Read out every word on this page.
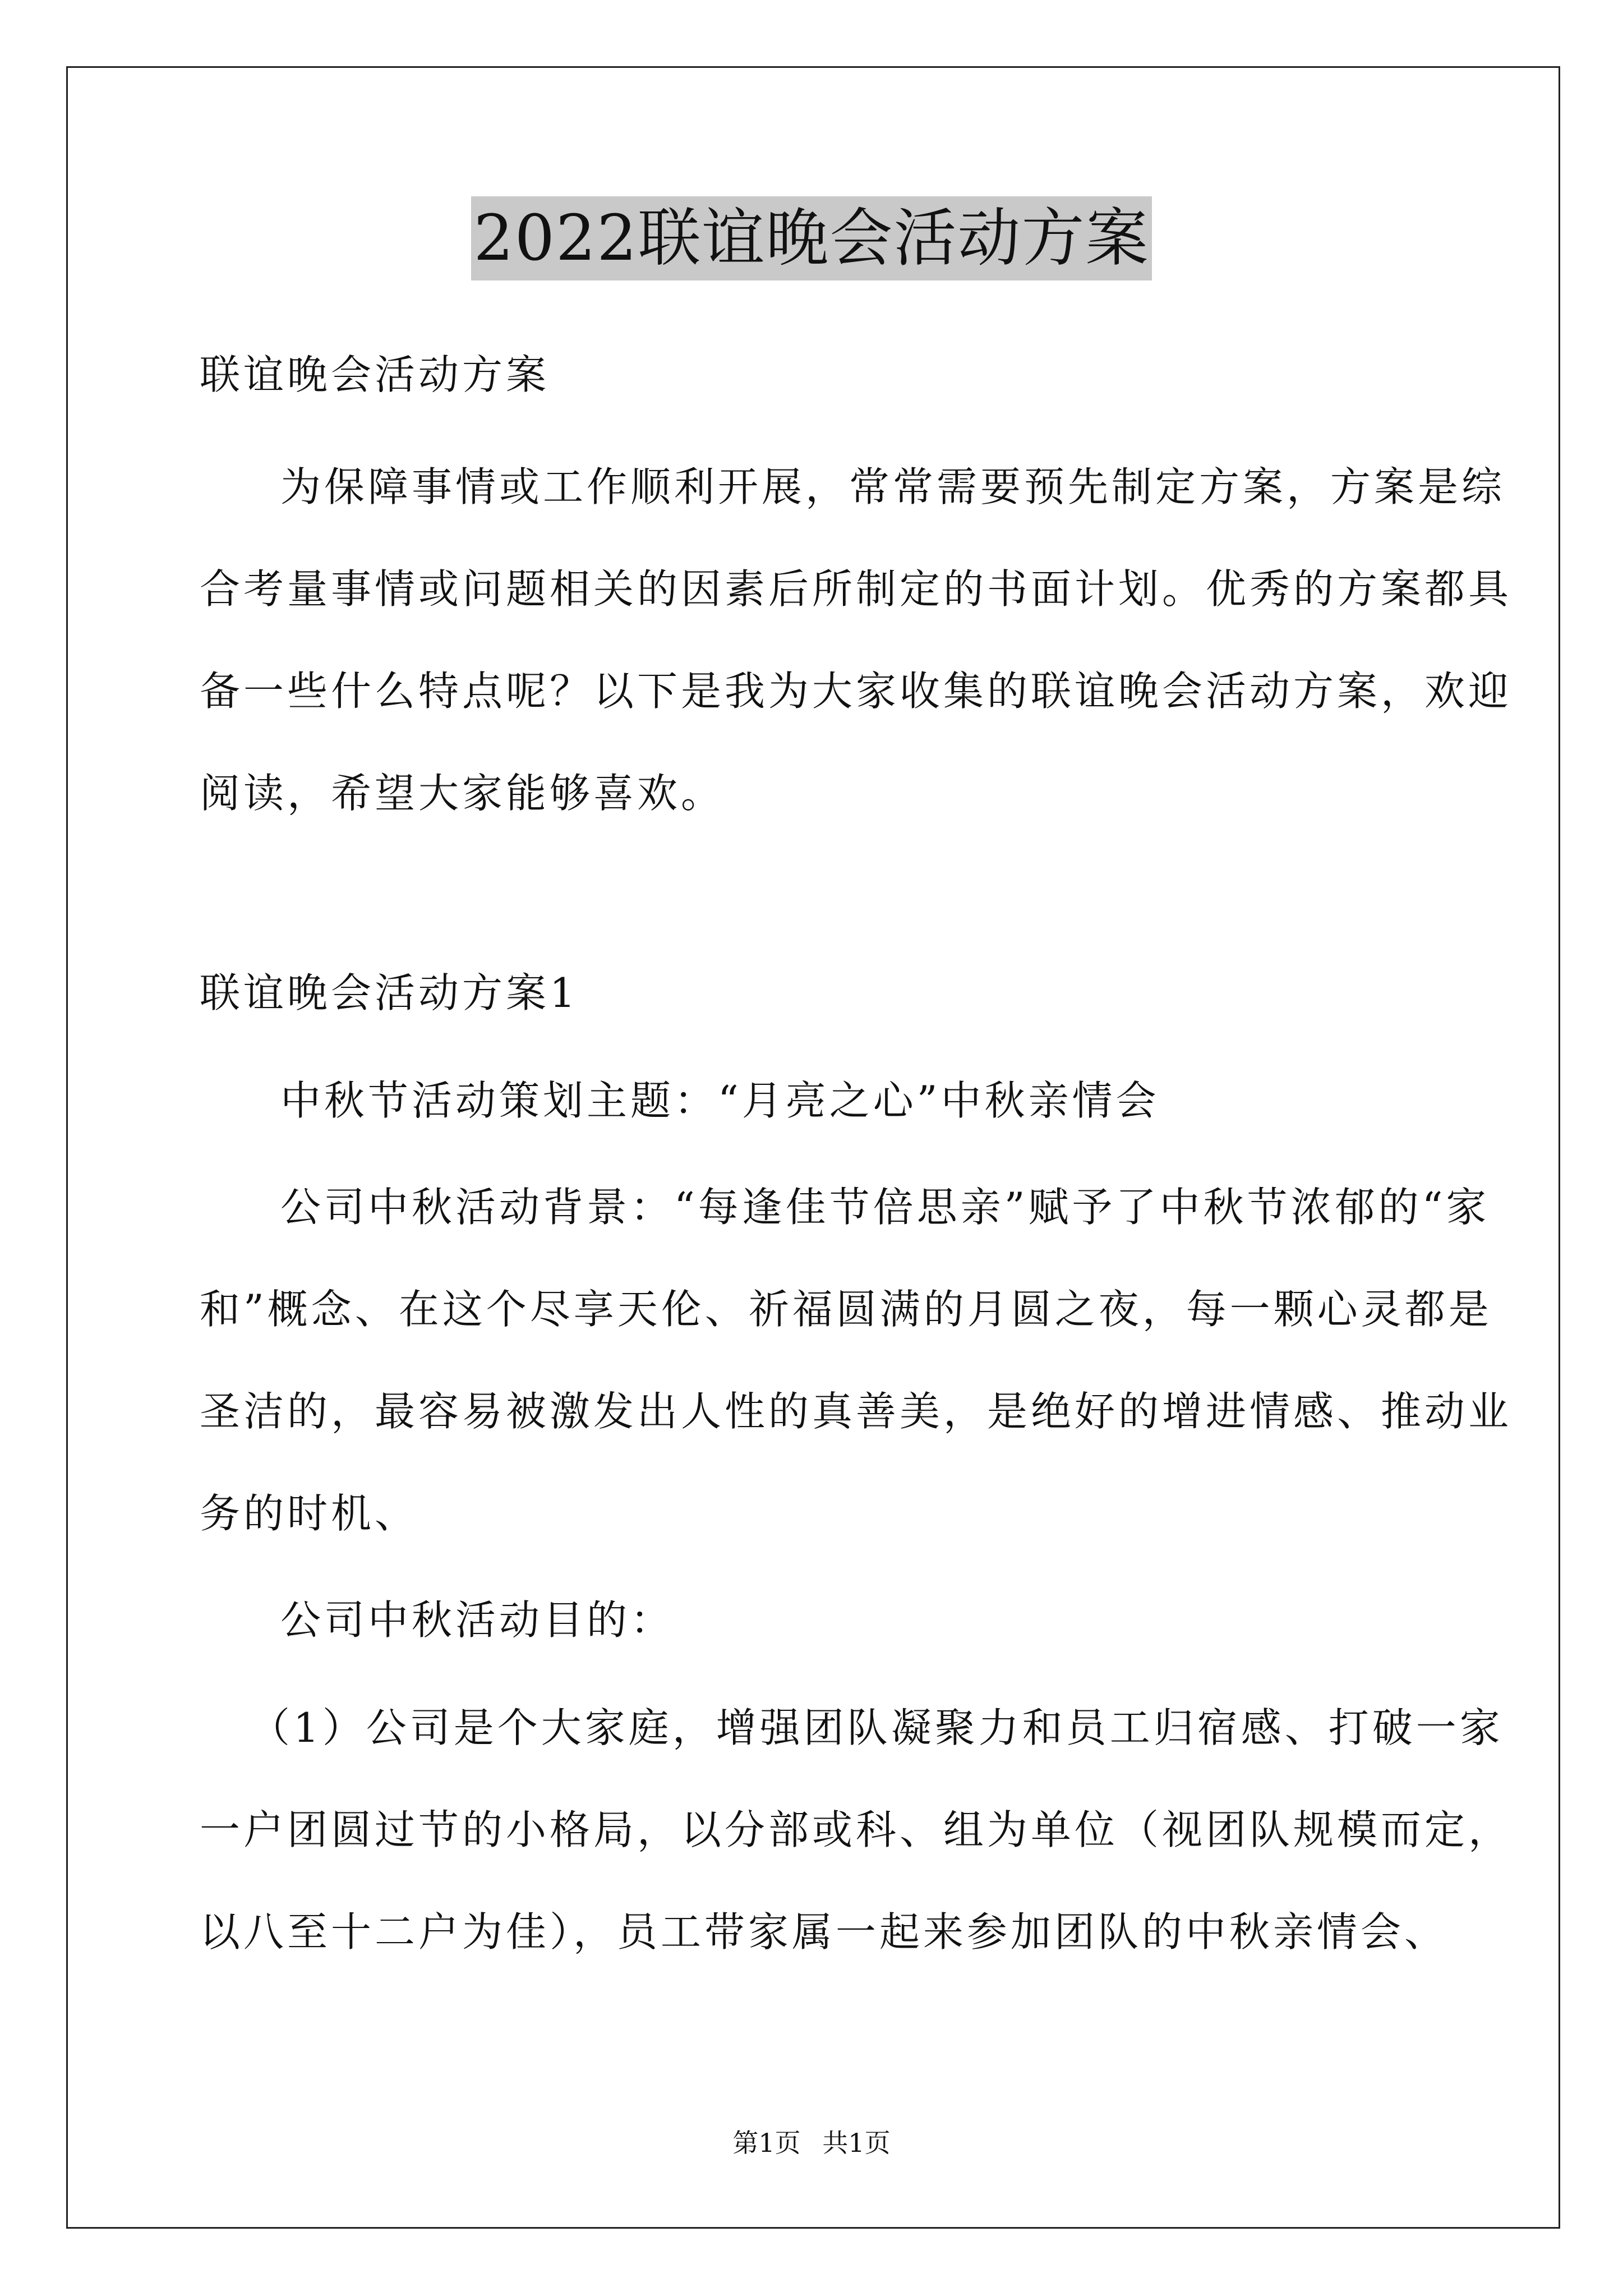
2022联谊晚会活动方案
联谊晚会活动方案
为保障事情或工作顺利开展，常常需要预先制定方案，方案是综
合考量事情或问题相关的因素后所制定的书面计划。优秀的方案都具
备一些什么特点呢？以下是我为大家收集的联谊晚会活动方案，欢迎
阅读，希望大家能够喜欢。
联谊晚会活动方案1
中秋节活动策划主题：“月亮之心”中秋亲情会
公司中秋活动背景：“每逢佳节倍思亲”赋予了中秋节浓郁的“家
和”概念、在这个尽享天伦、祈福圆满的月圆之夜，每一颗心灵都是
圣洁的，最容易被激发出人性的真善美，是绝好的增进情感、推动业
务的时机、
公司中秋活动目的：
（1）公司是个大家庭，增强团队凝聚力和员工归宿感、打破一家
一户团圆过节的小格局，以分部或科、组为单位（视团队规模而定，
以八至十二户为佳），员工带家属一起来参加团队的中秋亲情会、
第1页 共1页
